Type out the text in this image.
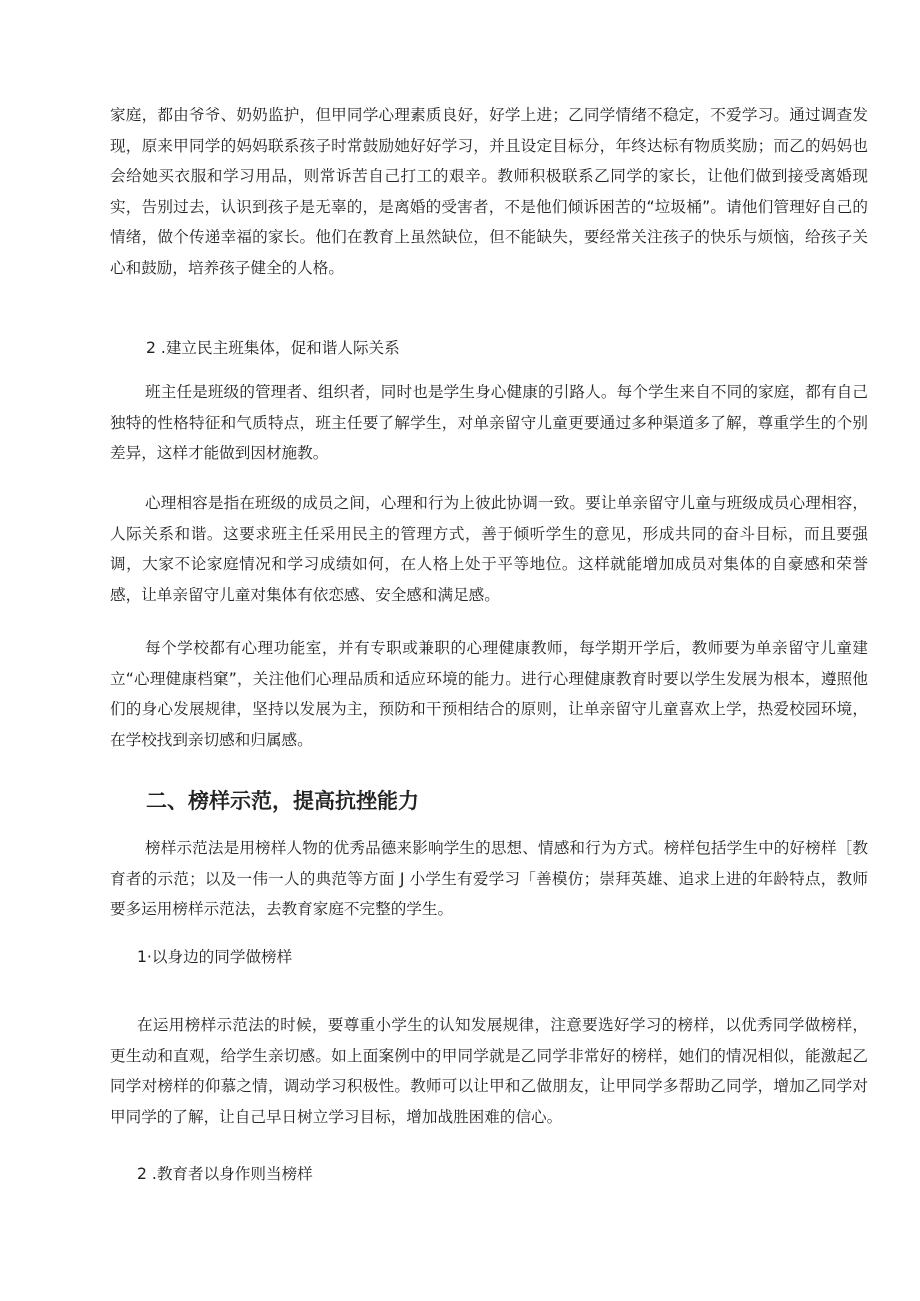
家庭，都由爷爷、奶奶监护，但甲同学心理素质良好，好学上进；乙同学情绪不稳定，不爱学习。通过调查发现，原来甲同学的妈妈联系孩子时常鼓励她好好学习，并且设定目标分，年终达标有物质奖励；而乙的妈妈也会给她买衣服和学习用品，则常诉苦自己打工的艰辛。教师积极联系乙同学的家长，让他们做到接受离婚现实，告别过去，认识到孩子是无辜的，是离婚的受害者，不是他们倾诉困苦的“垃圾桶”。请他们管理好自己的情绪，做个传递幸福的家长。他们在教育上虽然缺位，但不能缺失，要经常关注孩子的快乐与烦恼，给孩子关心和鼓励，培养孩子健全的人格。

2 .建立民主班集体，促和谐人际关系

班主任是班级的管理者、组织者，同时也是学生身心健康的引路人。每个学生来自不同的家庭，都有自己独特的性格特征和气质特点，班主任要了解学生，对单亲留守儿童更要通过多种渠道多了解，尊重学生的个别差异，这样才能做到因材施教。

心理相容是指在班级的成员之间，心理和行为上彼此协调一致。要让单亲留守儿童与班级成员心理相容，人际关系和谐。这要求班主任采用民主的管理方式，善于倾听学生的意见，形成共同的奋斗目标，而且要强调，大家不论家庭情况和学习成绩如何，在人格上处于平等地位。这样就能增加成员对集体的自豪感和荣誉感，让单亲留守儿童对集体有依恋感、安全感和满足感。

每个学校都有心理功能室，并有专职或兼职的心理健康教师，每学期开学后，教师要为单亲留守儿童建立“心理健康档窠”，关注他们心理品质和适应环境的能力。进行心理健康教育时要以学生发展为根本，遵照他们的身心发展规律，坚持以发展为主，预防和干预相结合的原则，让单亲留守儿童喜欢上学，热爱校园环境，在学校找到亲切感和归属感。

二、榜样示范，提高抗挫能力

榜样示范法是用榜样人物的优秀品德来影响学生的思想、情感和行为方式。榜样包括学生中的好榜样［教育者的示范；以及一伟一人的典范等方面 J 小学生有爱学习「善模仿；崇拜英雄、追求上进的年龄特点，教师要多运用榜样示范法，去教育家庭不完整的学生。

1·以身边的同学做榜样

在运用榜样示范法的时候，要尊重小学生的认知发展规律，注意要选好学习的榜样，以优秀同学做榜样，更生动和直观，给学生亲切感。如上面案例中的甲同学就是乙同学非常好的榜样，她们的情况相似，能激起乙同学对榜样的仰慕之情，调动学习积极性。教师可以让甲和乙做朋友，让甲同学多帮助乙同学，增加乙同学对甲同学的了解，让自己早日树立学习目标，增加战胜困难的信心。

2 .教育者以身作则当榜样
